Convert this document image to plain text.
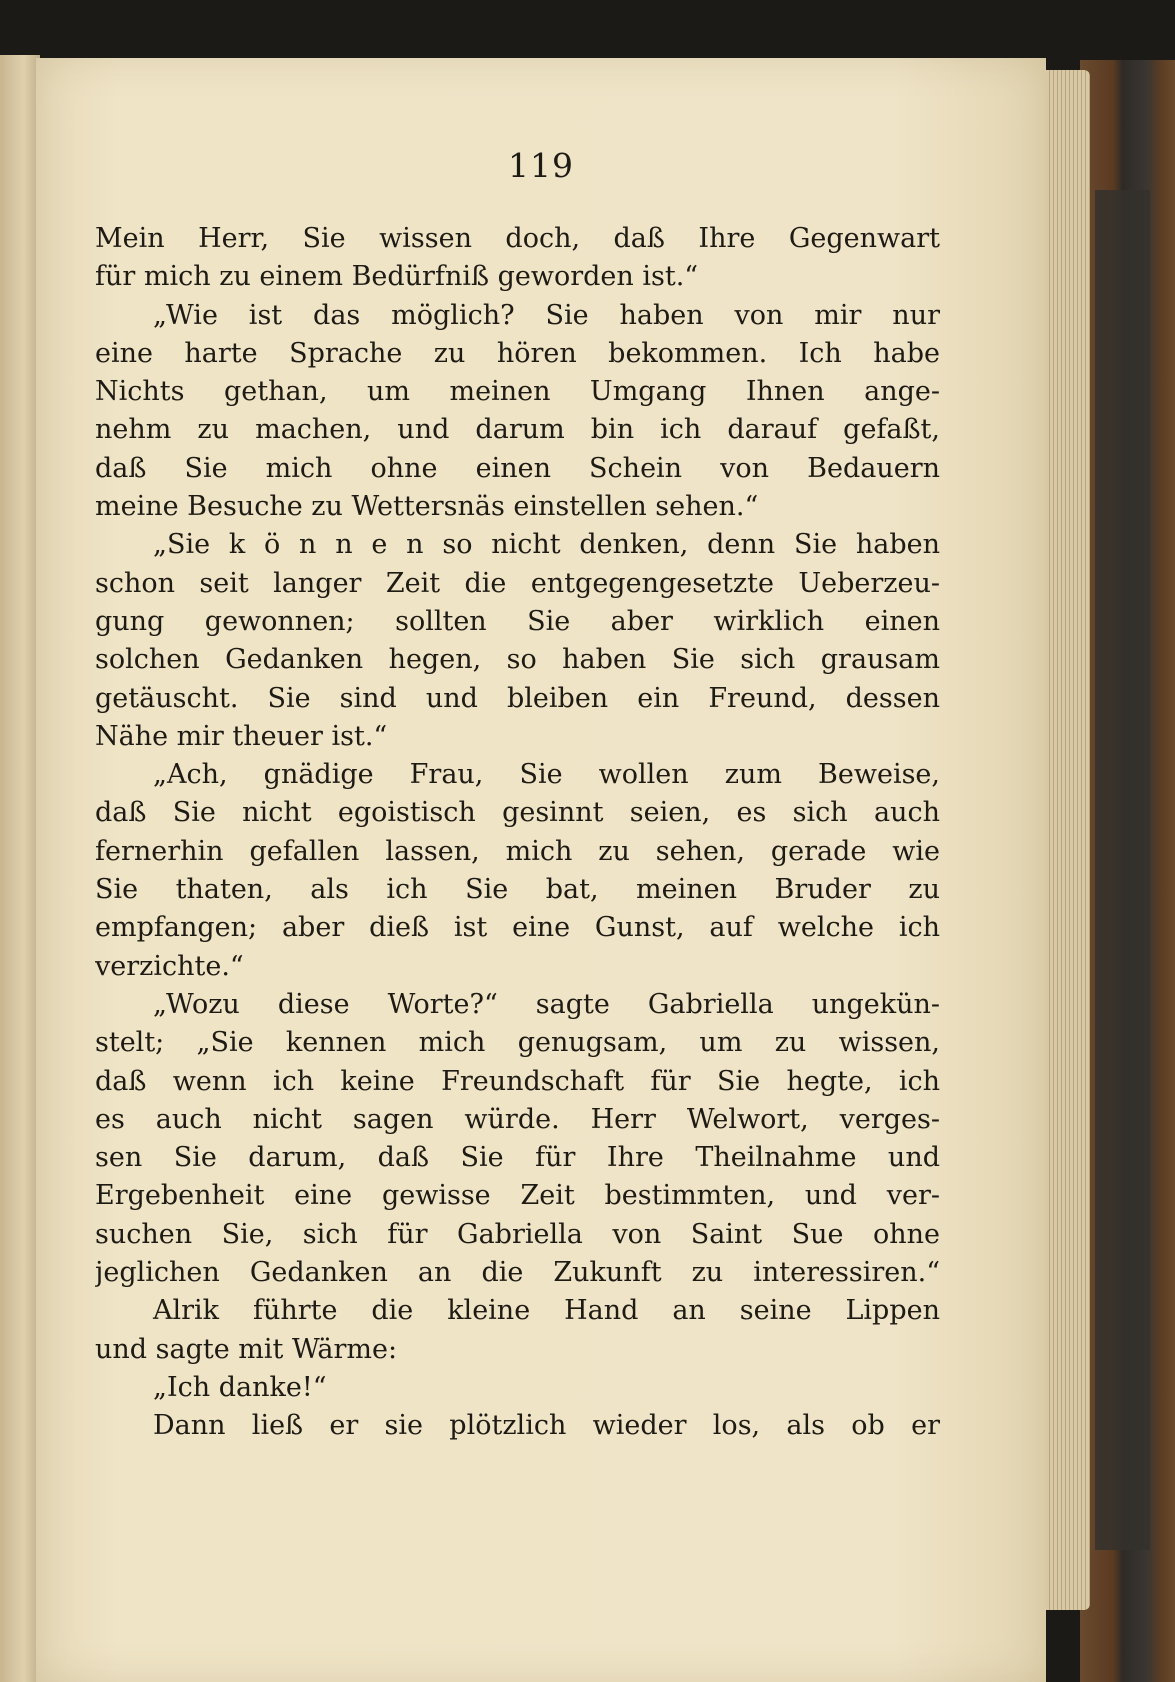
119
Mein Herr, Sie wissen doch, daß Ihre Gegenwart
für mich zu einem Bedürfniß geworden ist.“
„Wie ist das möglich? Sie haben von mir nur
eine harte Sprache zu hören bekommen. Ich habe
Nichts gethan, um meinen Umgang Ihnen ange-
nehm zu machen, und darum bin ich darauf gefaßt,
daß Sie mich ohne einen Schein von Bedauern
meine Besuche zu Wettersnäs einstellen sehen.“
„Sie k ö n n e n so nicht denken, denn Sie haben
schon seit langer Zeit die entgegengesetzte Ueberzeu-
gung gewonnen; sollten Sie aber wirklich einen
solchen Gedanken hegen, so haben Sie sich grausam
getäuscht. Sie sind und bleiben ein Freund, dessen
Nähe mir theuer ist.“
„Ach, gnädige Frau, Sie wollen zum Beweise,
daß Sie nicht egoistisch gesinnt seien, es sich auch
fernerhin gefallen lassen, mich zu sehen, gerade wie
Sie thaten, als ich Sie bat, meinen Bruder zu
empfangen; aber dieß ist eine Gunst, auf welche ich
verzichte.“
„Wozu diese Worte?“ sagte Gabriella ungekün-
stelt; „Sie kennen mich genugsam, um zu wissen,
daß wenn ich keine Freundschaft für Sie hegte, ich
es auch nicht sagen würde. Herr Welwort, verges-
sen Sie darum, daß Sie für Ihre Theilnahme und
Ergebenheit eine gewisse Zeit bestimmten, und ver-
suchen Sie, sich für Gabriella von Saint Sue ohne
jeglichen Gedanken an die Zukunft zu interessiren.“
Alrik führte die kleine Hand an seine Lippen
und sagte mit Wärme:
„Ich danke!“
Dann ließ er sie plötzlich wieder los, als ob er
